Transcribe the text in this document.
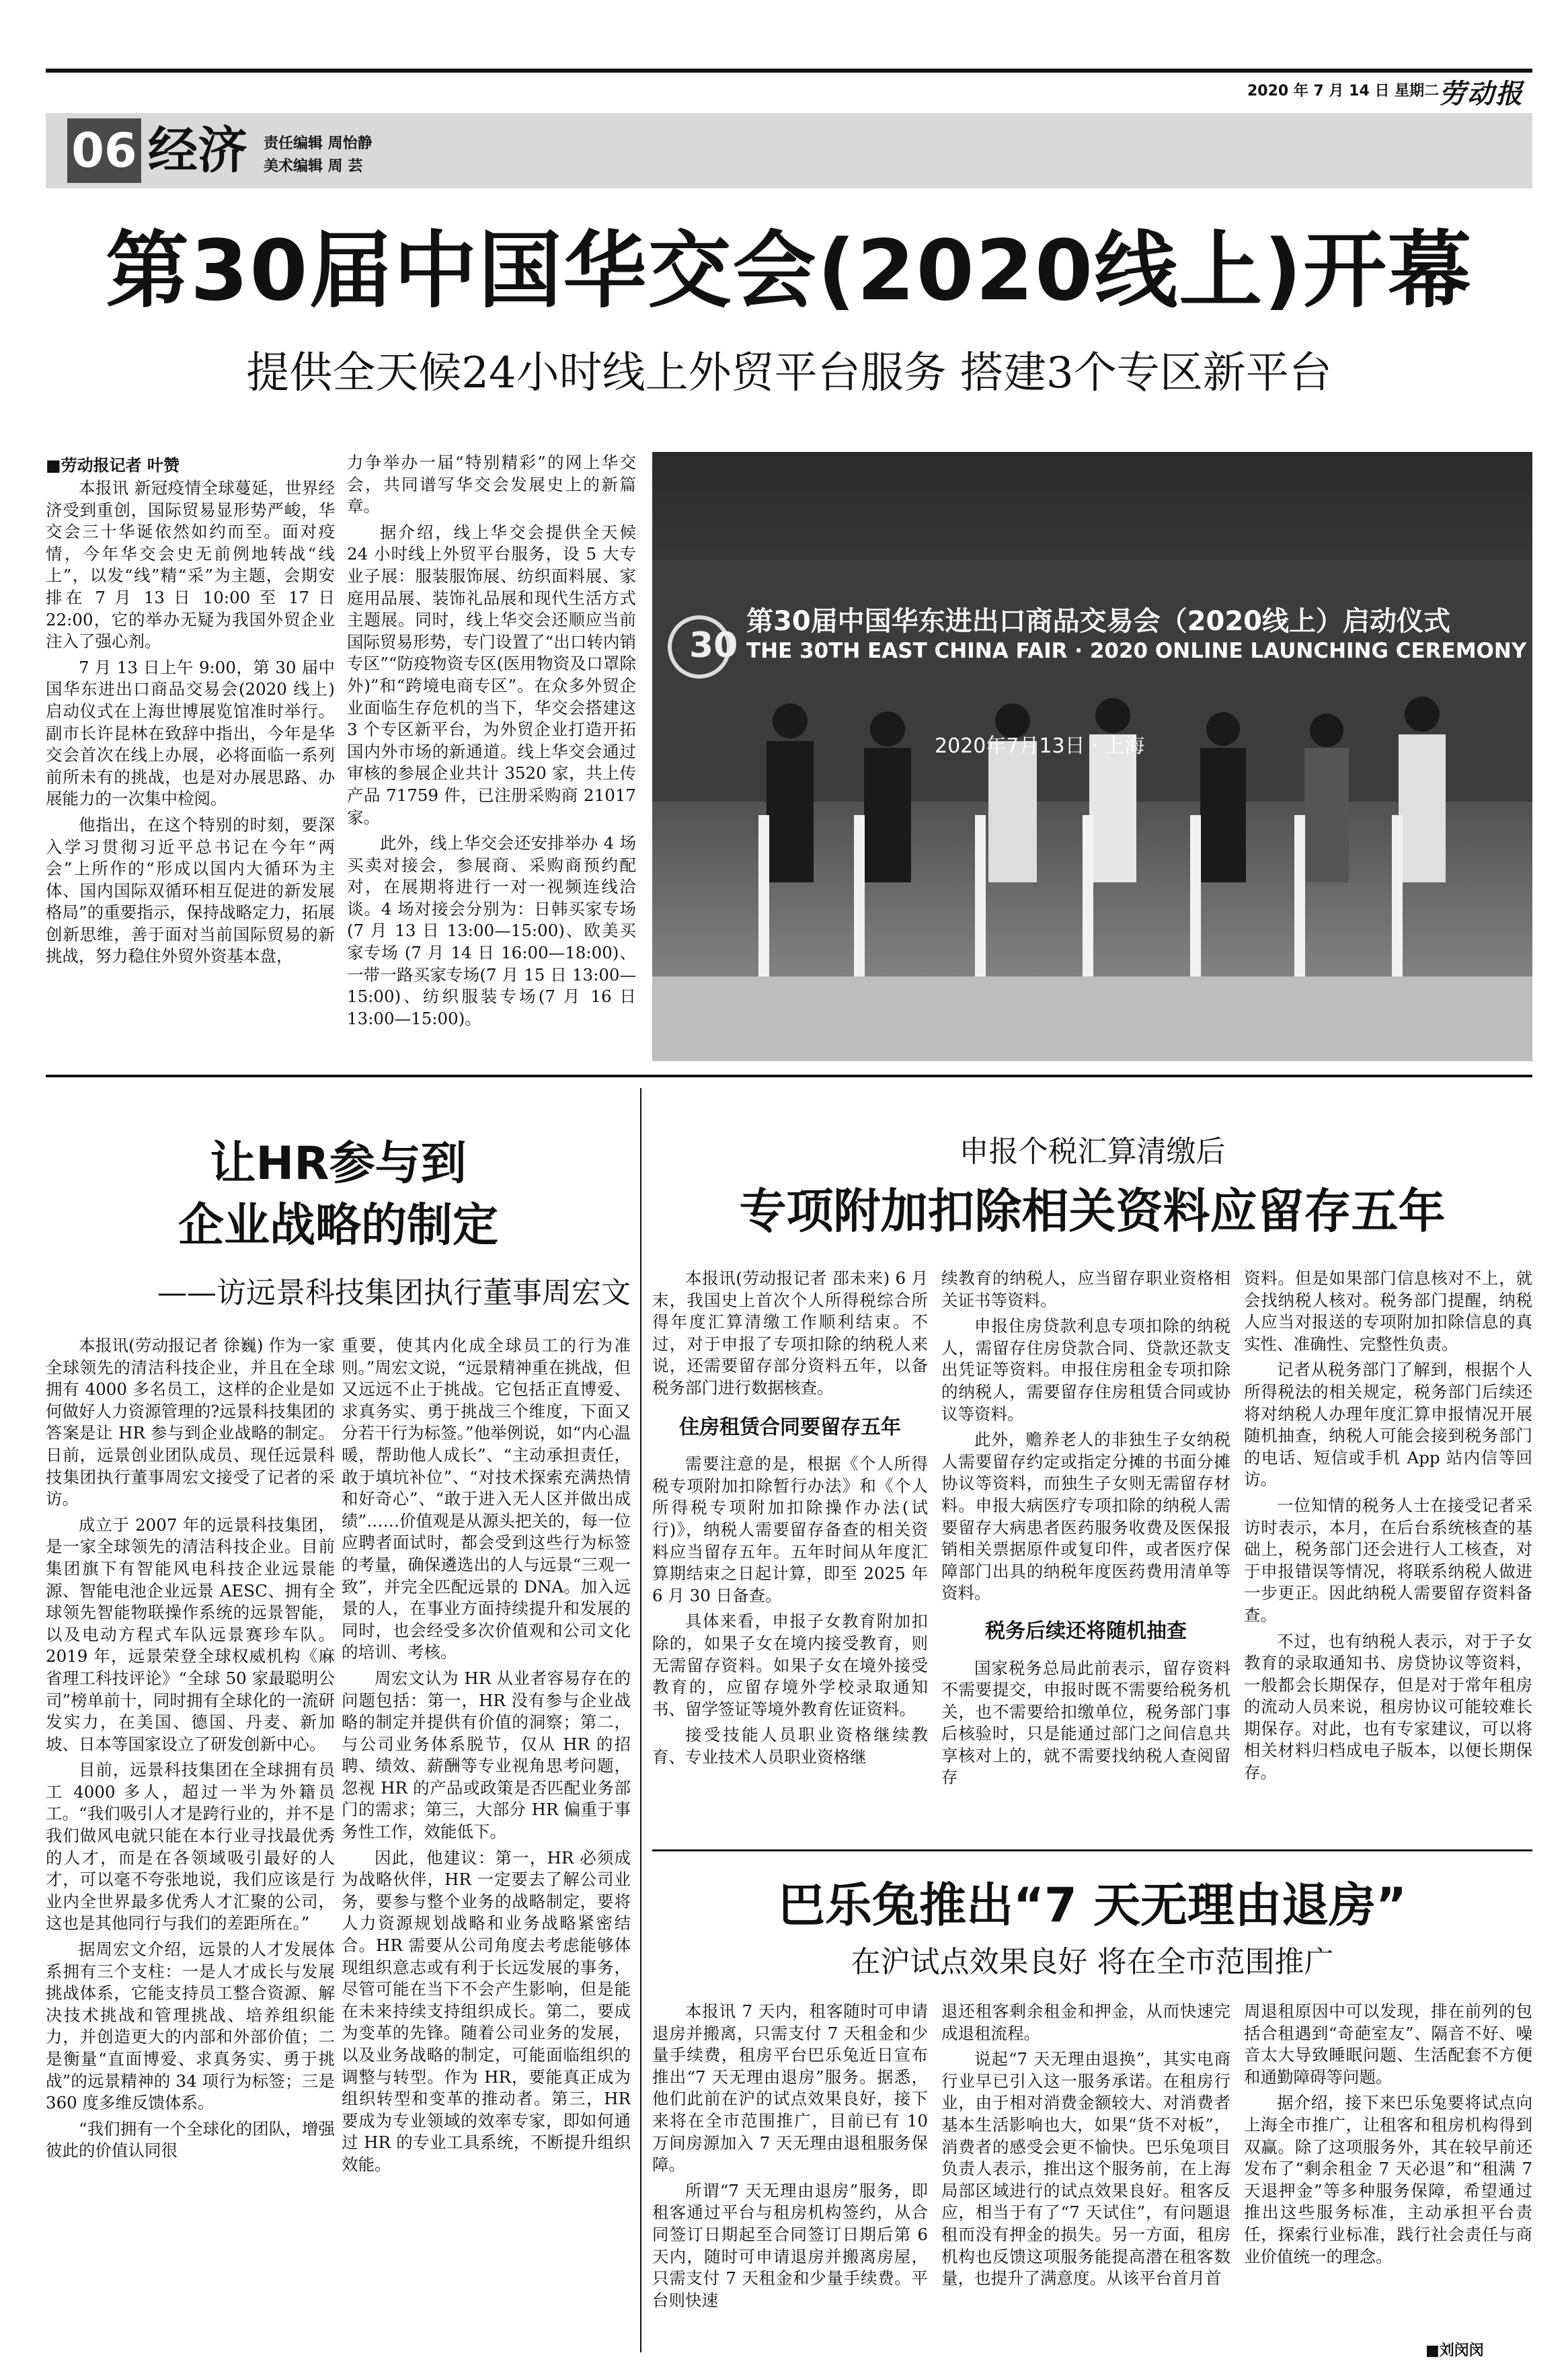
2020 年 7 月 14 日 星期二 劳动报
06 经济 责任编辑 周怡静
美术编辑 周 芸
第30届中国华交会(2020线上)开幕
提供全天候24小时线上外贸平台服务 搭建3个专区新平台
■劳动报记者 叶赞

本报讯 新冠疫情全球蔓延，世界经济受到重创，国际贸易显形势严峻，华交会三十华诞依然如约而至。面对疫情，今年华交会史无前例地转战“线上”，以发“线”精“采”为主题，会期安排在 7 月 13 日 10:00 至 17 日 22:00，它的举办无疑为我国外贸企业注入了强心剂。

7 月 13 日上午 9:00，第 30 届中国华东进出口商品交易会(2020 线上)启动仪式在上海世博展览馆准时举行。副市长许昆林在致辞中指出，今年是华交会首次在线上办展，必将面临一系列前所未有的挑战，也是对办展思路、办展能力的一次集中检阅。

他指出，在这个特别的时刻，要深入学习贯彻习近平总书记在今年“两会”上所作的“形成以国内大循环为主体、国内国际双循环相互促进的新发展格局”的重要指示，保持战略定力，拓展创新思维，善于面对当前国际贸易的新挑战，努力稳住外贸外资基本盘，

力争举办一届“特别精彩”的网上华交会，共同谱写华交会发展史上的新篇章。

据介绍，线上华交会提供全天候 24 小时线上外贸平台服务，设 5 大专业子展：服装服饰展、纺织面料展、家庭用品展、装饰礼品展和现代生活方式主题展。同时，线上华交会还顺应当前国际贸易形势，专门设置了“出口转内销专区”“防疫物资专区(医用物资及口罩除外)”和“跨境电商专区”。在众多外贸企业面临生存危机的当下，华交会搭建这 3 个专区新平台，为外贸企业打造开拓国内外市场的新通道。线上华交会通过审核的参展企业共计 3520 家，共上传产品 71759 件，已注册采购商 21017 家。

此外，线上华交会还安排举办 4 场买卖对接会，参展商、采购商预约配对，在展期将进行一对一视频连线洽谈。4 场对接会分别为：日韩买家专场(7 月 13 日 13:00—15:00)、欧美买家专场 (7 月 14 日 16:00—18:00)、一带一路买家专场(7 月 15 日 13:00—15:00)、纺织服装专场(7 月 16 日 13:00—15:00)。

30
第30届中国华东进出口商品交易会（2020线上）启动仪式
THE 30TH EAST CHINA FAIR · 2020 ONLINE LAUNCHING CEREMONY
2020年7月13日 · 上海
让HR参与到
企业战略的制定
——访远景科技集团执行董事周宏文

本报讯(劳动报记者 徐巍) 作为一家全球领先的清洁科技企业，并且在全球拥有 4000 多名员工，这样的企业是如何做好人力资源管理的?远景科技集团的答案是让 HR 参与到企业战略的制定。日前，远景创业团队成员、现任远景科技集团执行董事周宏文接受了记者的采访。

成立于 2007 年的远景科技集团，是一家全球领先的清洁科技企业。目前集团旗下有智能风电科技企业远景能源、智能电池企业远景 AESC、拥有全球领先智能物联操作系统的远景智能，以及电动方程式车队远景赛珍车队。2019 年，远景荣登全球权威机构《麻省理工科技评论》“全球 50 家最聪明公司”榜单前十，同时拥有全球化的一流研发实力，在美国、德国、丹麦、新加坡、日本等国家设立了研发创新中心。

目前，远景科技集团在全球拥有员工 4000 多人，超过一半为外籍员工。“我们吸引人才是跨行业的，并不是我们做风电就只能在本行业寻找最优秀的人才，而是在各领域吸引最好的人才，可以毫不夸张地说，我们应该是行业内全世界最多优秀人才汇聚的公司，这也是其他同行与我们的差距所在。”

据周宏文介绍，远景的人才发展体系拥有三个支柱：一是人才成长与发展挑战体系，它能支持员工整合资源、解决技术挑战和管理挑战、培养组织能力，并创造更大的内部和外部价值；二是衡量“直面博爱、求真务实、勇于挑战”的远景精神的 34 项行为标签；三是 360 度多维反馈体系。

“我们拥有一个全球化的团队，增强彼此的价值认同很

重要，使其内化成全球员工的行为准则。”周宏文说，“远景精神重在挑战，但又远远不止于挑战。它包括正直博爱、求真务实、勇于挑战三个维度，下面又分若干行为标签。”他举例说，如“内心温暖，帮助他人成长”、“主动承担责任，敢于填坑补位”、“对技术探索充满热情和好奇心”、“敢于进入无人区并做出成绩”……价值观是从源头把关的，每一位应聘者面试时，都会受到这些行为标签的考量，确保遴选出的人与远景“三观一致”，并完全匹配远景的 DNA。加入远景的人，在事业方面持续提升和发展的同时，也会经受多次价值观和公司文化的培训、考核。

周宏文认为 HR 从业者容易存在的问题包括：第一，HR 没有参与企业战略的制定并提供有价值的洞察；第二，与公司业务体系脱节，仅从 HR 的招聘、绩效、薪酬等专业视角思考问题，忽视 HR 的产品或政策是否匹配业务部门的需求；第三，大部分 HR 偏重于事务性工作，效能低下。

因此，他建议：第一，HR 必须成为战略伙伴，HR 一定要去了解公司业务，要参与整个业务的战略制定，要将人力资源规划战略和业务战略紧密结合。HR 需要从公司角度去考虑能够体现组织意志或有利于长远发展的事务，尽管可能在当下不会产生影响，但是能在未来持续支持组织成长。第二，要成为变革的先锋。随着公司业务的发展，以及业务战略的制定，可能面临组织的调整与转型。作为 HR，要能真正成为组织转型和变革的推动者。第三，HR 要成为专业领域的效率专家，即如何通过 HR 的专业工具系统，不断提升组织效能。

申报个税汇算清缴后
专项附加扣除相关资料应留存五年

本报讯(劳动报记者 邵未来) 6 月末，我国史上首次个人所得税综合所得年度汇算清缴工作顺利结束。不过，对于申报了专项扣除的纳税人来说，还需要留存部分资料五年，以备税务部门进行数据核查。

住房租赁合同要留存五年

需要注意的是，根据《个人所得税专项附加扣除暂行办法》和《个人所得税专项附加扣除操作办法(试行)》，纳税人需要留存备查的相关资料应当留存五年。五年时间从年度汇算期结束之日起计算，即至 2025 年 6 月 30 日备查。

具体来看，申报子女教育附加扣除的，如果子女在境内接受教育，则无需留存资料。如果子女在境外接受教育的，应留存境外学校录取通知书、留学签证等境外教育佐证资料。

接受技能人员职业资格继续教育、专业技术人员职业资格继

续教育的纳税人，应当留存职业资格相关证书等资料。

申报住房贷款利息专项扣除的纳税人，需留存住房贷款合同、贷款还款支出凭证等资料。申报住房租金专项扣除的纳税人，需要留存住房租赁合同或协议等资料。

此外，赡养老人的非独生子女纳税人需要留存约定或指定分摊的书面分摊协议等资料，而独生子女则无需留存材料。申报大病医疗专项扣除的纳税人需要留存大病患者医药服务收费及医保报销相关票据原件或复印件，或者医疗保障部门出具的纳税年度医药费用清单等资料。

税务后续还将随机抽查

国家税务总局此前表示，留存资料不需要提交，申报时既不需要给税务机关，也不需要给扣缴单位，税务部门事后核验时，只是能通过部门之间信息共享核对上的，就不需要找纳税人查阅留存

资料。但是如果部门信息核对不上，就会找纳税人核对。税务部门提醒，纳税人应当对报送的专项附加扣除信息的真实性、准确性、完整性负责。

记者从税务部门了解到，根据个人所得税法的相关规定，税务部门后续还将对纳税人办理年度汇算申报情况开展随机抽查，纳税人可能会接到税务部门的电话、短信或手机 App 站内信等回访。

一位知情的税务人士在接受记者采访时表示，本月，在后台系统核查的基础上，税务部门还会进行人工核查，对于申报错误等情况，将联系纳税人做进一步更正。因此纳税人需要留存资料备查。

不过，也有纳税人表示，对于子女教育的录取通知书、房贷协议等资料，一般都会长期保存，但是对于常年租房的流动人员来说，租房协议可能较难长期保存。对此，也有专家建议，可以将相关材料归档成电子版本，以便长期保存。

巴乐兔推出“7 天无理由退房”
在沪试点效果良好 将在全市范围推广

本报讯 7 天内，租客随时可申请退房并搬离，只需支付 7 天租金和少量手续费，租房平台巴乐兔近日宣布推出“7 天无理由退房”服务。据悉，他们此前在沪的试点效果良好，接下来将在全市范围推广，目前已有 10 万间房源加入 7 天无理由退租服务保障。

所谓“7 天无理由退房”服务，即租客通过平台与租房机构签约，从合同签订日期起至合同签订日期后第 6 天内，随时可申请退房并搬离房屋，只需支付 7 天租金和少量手续费。平台则快速

退还租客剩余租金和押金，从而快速完成退租流程。

说起“7 天无理由退换”，其实电商行业早已引入这一服务承诺。在租房行业，由于相对消费金额较大、对消费者基本生活影响也大，如果“货不对板”，消费者的感受会更不愉快。巴乐兔项目负责人表示，推出这个服务前，在上海局部区域进行的试点效果良好。租客反应，相当于有了“7 天试住”，有问题退租而没有押金的损失。另一方面，租房机构也反馈这项服务能提高潜在租客数量，也提升了满意度。从该平台首月首

周退租原因中可以发现，排在前列的包括合租遇到“奇葩室友”、隔音不好、噪音太大导致睡眠问题、生活配套不方便和通勤障碍等问题。

据介绍，接下来巴乐兔要将试点向上海全市推广，让租客和租房机构得到双赢。除了这项服务外，其在较早前还发布了“剩余租金 7 天必退”和“租满 7 天退押金”等多种服务保障，希望通过推出这些服务标准，主动承担平台责任，探索行业标准，践行社会责任与商业价值统一的理念。

■刘闵闵
